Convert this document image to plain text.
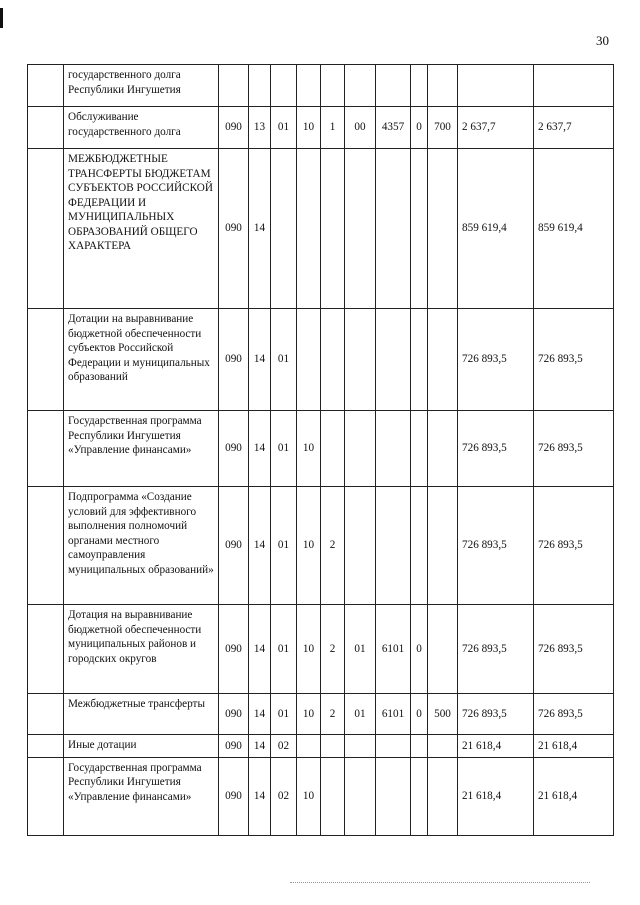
30
	государственного долга Республики Ингушетия											
	Обслуживание государственного долга	090	13	01	10	1	00	4357	0	700	2 637,7	2 637,7
	МЕЖБЮДЖЕТНЫЕ ТРАНСФЕРТЫ БЮДЖЕТАМ СУБЪЕКТОВ РОССИЙСКОЙ ФЕДЕРАЦИИ И МУНИЦИПАЛЬНЫХ ОБРАЗОВАНИЙ ОБЩЕГО ХАРАКТЕРА	090	14								859 619,4	859 619,4
	Дотации на выравнивание бюджетной обеспеченности субъектов Российской Федерации и муниципальных образований	090	14	01							726 893,5	726 893,5
	Государственная программа Республики Ингушетия «Управление финансами»	090	14	01	10						726 893,5	726 893,5
	Подпрограмма «Создание условий для эффективного выполнения полномочий органами местного самоуправления муниципальных образований»	090	14	01	10	2					726 893,5	726 893,5
	Дотация на выравнивание бюджетной обеспеченности муниципальных районов и городских округов	090	14	01	10	2	01	6101	0		726 893,5	726 893,5
	Межбюджетные трансферты	090	14	01	10	2	01	6101	0	500	726 893,5	726 893,5
	Иные дотации	090	14	02							21 618,4	21 618,4
	Государственная программа Республики Ингушетия «Управление финансами»	090	14	02	10						21 618,4	21 618,4
